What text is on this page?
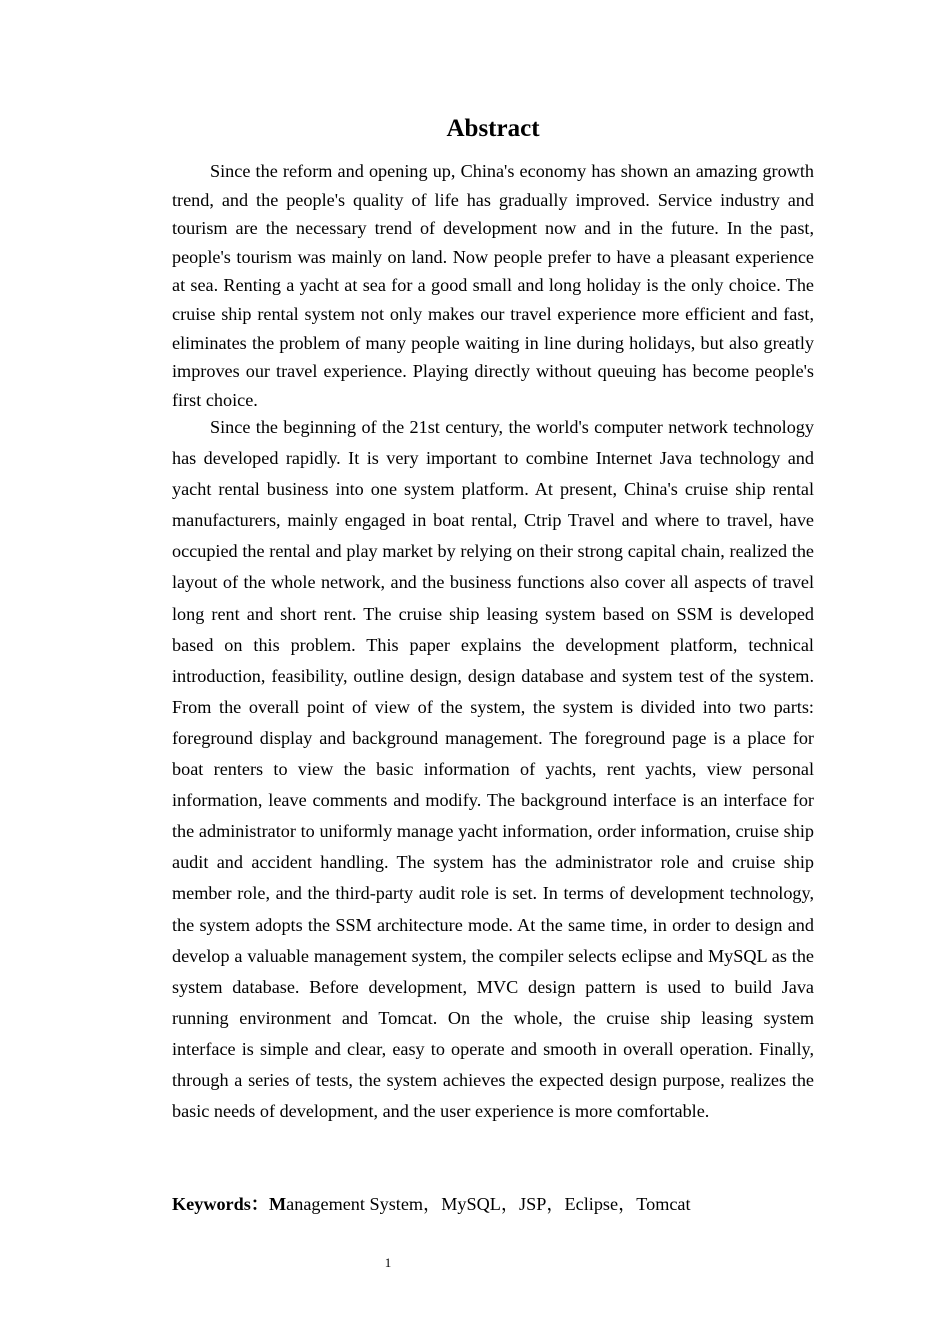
Abstract

Since the reform and opening up, China's economy has shown an amazing growth trend, and the people's quality of life has gradually improved. Service industry and tourism are the necessary trend of development now and in the future. In the past, people's tourism was mainly on land. Now people prefer to have a pleasant experience at sea. Renting a yacht at sea for a good small and long holiday is the only choice. The cruise ship rental system not only makes our travel experience more efficient and fast, eliminates the problem of many people waiting in line during holidays, but also greatly improves our travel experience. Playing directly without queuing has become people's first choice.

Since the beginning of the 21st century, the world's computer network technology has developed rapidly. It is very important to combine Internet Java technology and yacht rental business into one system platform. At present, China's cruise ship rental manufacturers, mainly engaged in boat rental, Ctrip Travel and where to travel, have occupied the rental and play market by relying on their strong capital chain, realized the layout of the whole network, and the business functions also cover all aspects of travel long rent and short rent. The cruise ship leasing system based on SSM is developed based on this problem. This paper explains the development platform, technical introduction, feasibility, outline design, design database and system test of the system. From the overall point of view of the system, the system is divided into two parts: foreground display and background management. The foreground page is a place for boat renters to view the basic information of yachts, rent yachts, view personal information, leave comments and modify. The background interface is an interface for the administrator to uniformly manage yacht information, order information, cruise ship audit and accident handling. The system has the administrator role and cruise ship member role, and the third-party audit role is set. In terms of development technology, the system adopts the SSM architecture mode. At the same time, in order to design and develop a valuable management system, the compiler selects eclipse and MySQL as the system database. Before development, MVC design pattern is used to build Java running environment and Tomcat. On the whole, the cruise ship leasing system interface is simple and clear, easy to operate and smooth in overall operation. Finally, through a series of tests, the system achieves the expected design purpose, realizes the basic needs of development, and the user experience is more comfortable.

Keywords：Management System，MySQL，JSP，Eclipse，Tomcat

1
